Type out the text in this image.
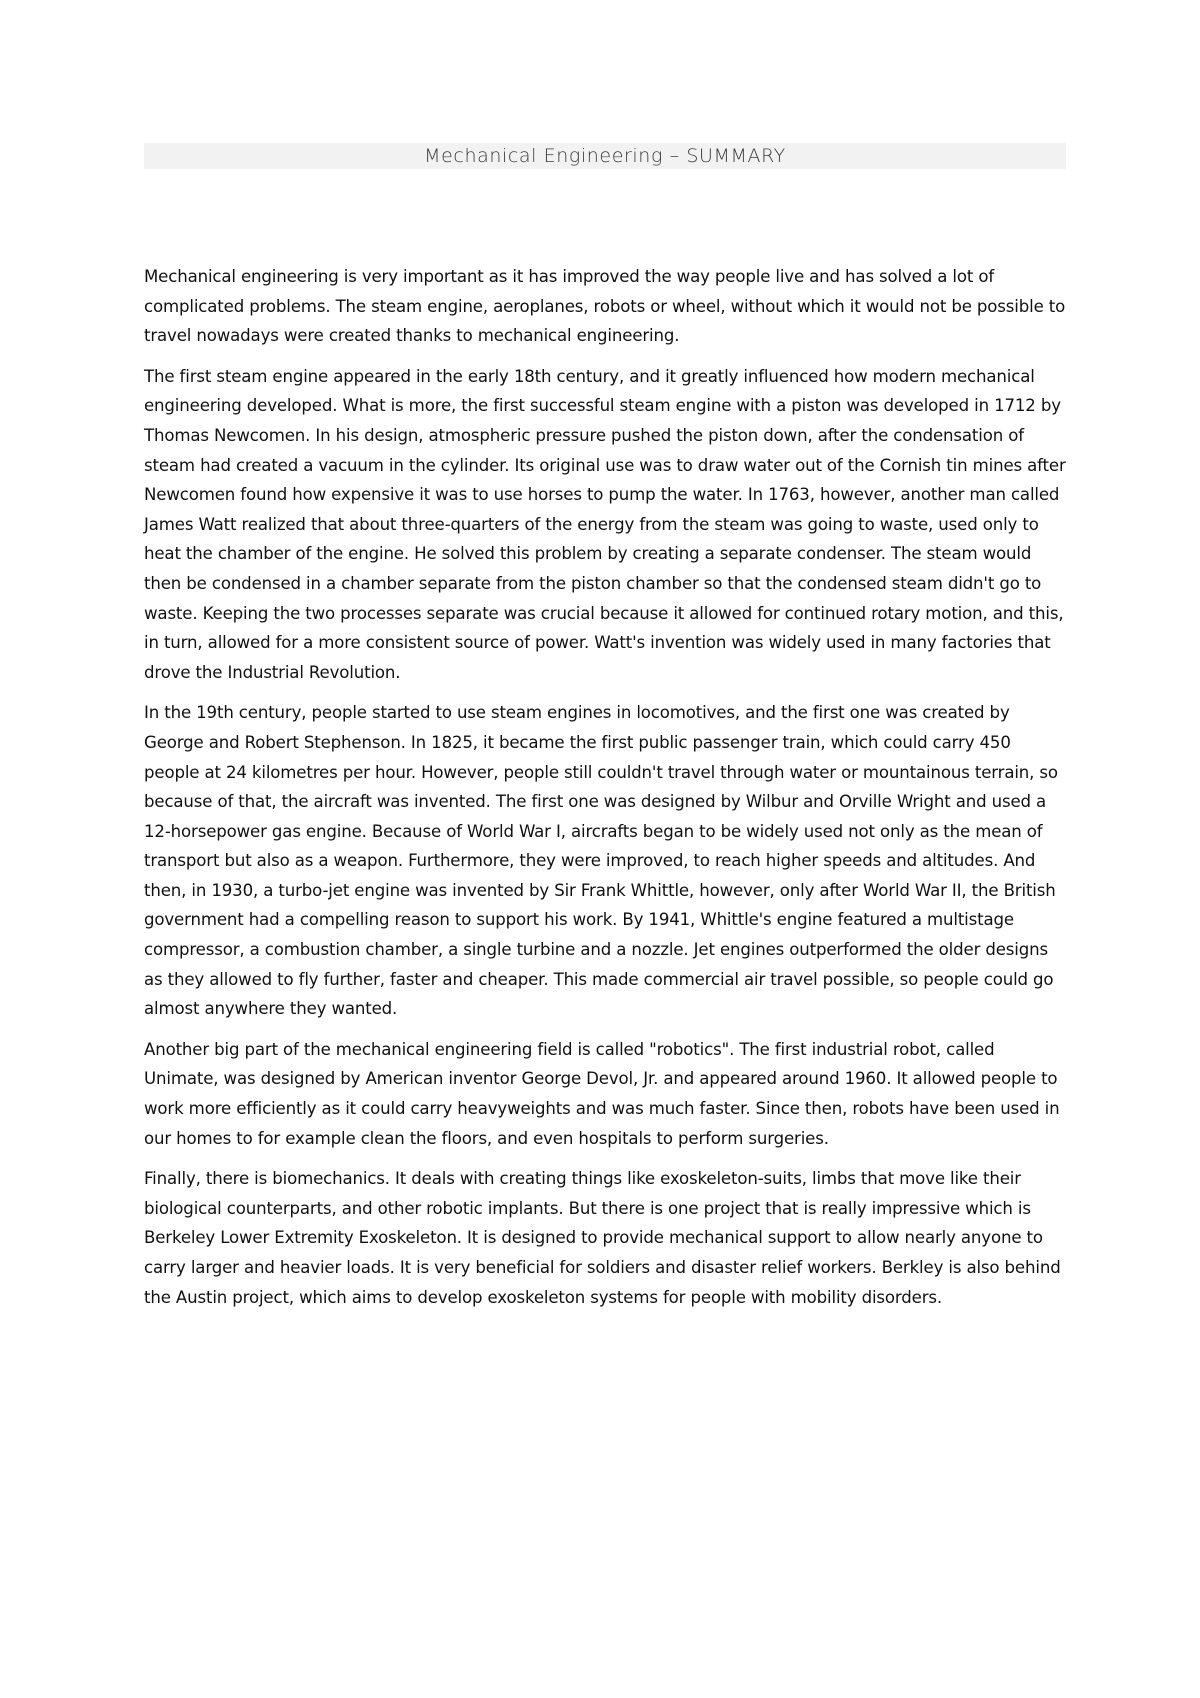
Mechanical Engineering – SUMMARY

Mechanical engineering is very important as it has improved the way people live and has solved a lot of complicated problems. The steam engine, aeroplanes, robots or wheel, without which it would not be possible to travel nowadays were created thanks to mechanical engineering.

The first steam engine appeared in the early 18th century, and it greatly influenced how modern mechanical engineering developed. What is more, the first successful steam engine with a piston was developed in 1712 by Thomas Newcomen. In his design, atmospheric pressure pushed the piston down, after the condensation of steam had created a vacuum in the cylinder. Its original use was to draw water out of the Cornish tin mines after Newcomen found how expensive it was to use horses to pump the water. In 1763, however, another man called James Watt realized that about three-quarters of the energy from the steam was going to waste, used only to heat the chamber of the engine. He solved this problem by creating a separate condenser. The steam would then be condensed in a chamber separate from the piston chamber so that the condensed steam didn't go to waste. Keeping the two processes separate was crucial because it allowed for continued rotary motion, and this, in turn, allowed for a more consistent source of power. Watt's invention was widely used in many factories that drove the Industrial Revolution.

In the 19th century, people started to use steam engines in locomotives, and the first one was created by George and Robert Stephenson. In 1825, it became the first public passenger train, which could carry 450 people at 24 kilometres per hour. However, people still couldn't travel through water or mountainous terrain, so because of that, the aircraft was invented. The first one was designed by Wilbur and Orville Wright and used a 12-horsepower gas engine. Because of World War I, aircrafts began to be widely used not only as the mean of transport but also as a weapon. Furthermore, they were improved, to reach higher speeds and altitudes. And then, in 1930, a turbo-jet engine was invented by Sir Frank Whittle, however, only after World War II, the British government had a compelling reason to support his work. By 1941, Whittle's engine featured a multistage compressor, a combustion chamber, a single turbine and a nozzle. Jet engines outperformed the older designs as they allowed to fly further, faster and cheaper. This made commercial air travel possible, so people could go almost anywhere they wanted.

Another big part of the mechanical engineering field is called "robotics". The first industrial robot, called Unimate, was designed by American inventor George Devol, Jr. and appeared around 1960. It allowed people to work more efficiently as it could carry heavyweights and was much faster. Since then, robots have been used in our homes to for example clean the floors, and even hospitals to perform surgeries.

Finally, there is biomechanics. It deals with creating things like exoskeleton-suits, limbs that move like their biological counterparts, and other robotic implants. But there is one project that is really impressive which is Berkeley Lower Extremity Exoskeleton. It is designed to provide mechanical support to allow nearly anyone to carry larger and heavier loads. It is very beneficial for soldiers and disaster relief workers. Berkley is also behind the Austin project, which aims to develop exoskeleton systems for people with mobility disorders.
